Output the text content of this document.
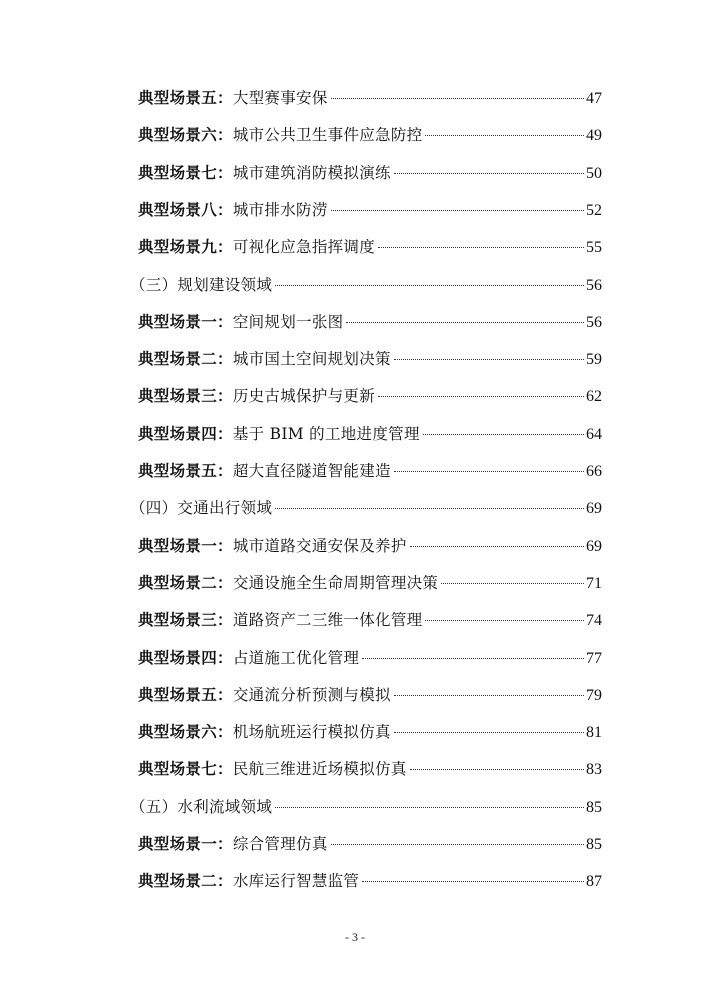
典型场景五：大型赛事安保	47
典型场景六：城市公共卫生事件应急防控	49
典型场景七：城市建筑消防模拟演练	50
典型场景八：城市排水防涝	52
典型场景九：可视化应急指挥调度	55
（三）规划建设领域	56
典型场景一：空间规划一张图	56
典型场景二：城市国土空间规划决策	59
典型场景三：历史古城保护与更新	62
典型场景四：基于 BIM 的工地进度管理	64
典型场景五：超大直径隧道智能建造	66
（四）交通出行领域	69
典型场景一：城市道路交通安保及养护	69
典型场景二：交通设施全生命周期管理决策	71
典型场景三：道路资产二三维一体化管理	74
典型场景四：占道施工优化管理	77
典型场景五：交通流分析预测与模拟	79
典型场景六：机场航班运行模拟仿真	81
典型场景七：民航三维进近场模拟仿真	83
（五）水利流域领域	85
典型场景一：综合管理仿真	85
典型场景二：水库运行智慧监管	87
- 3 -
